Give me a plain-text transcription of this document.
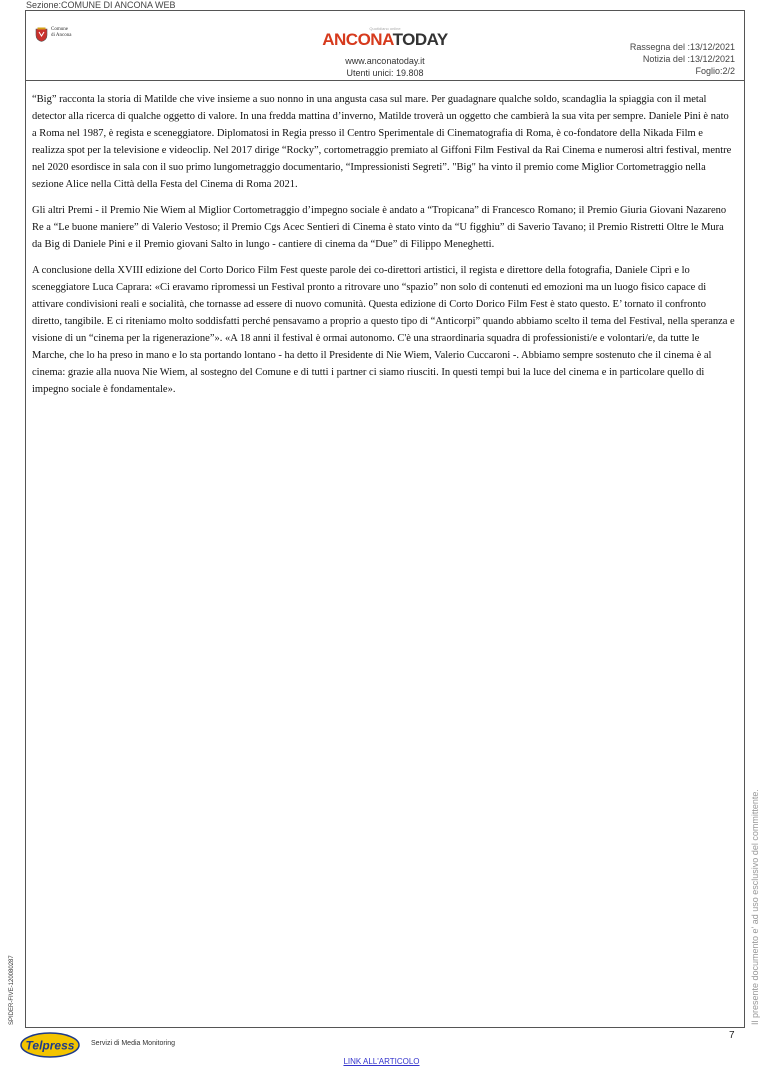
Sezione:COMUNE DI ANCONA WEB
Comune
di Ancona
Quotidiano online
ANCONATODAY
www.anconatoday.it
Utenti unici: 19.808
Rassegna del :13/12/2021
Notizia del :13/12/2021
Foglio:2/2

“Big” racconta la storia di Matilde che vive insieme a suo nonno in una angusta casa sul mare. Per guadagnare qualche soldo, scandaglia la spiaggia con il metal detector alla ricerca di qualche oggetto di valore. In una fredda mattina d’inverno, Matilde troverà un oggetto che cambierà la sua vita per sempre. Daniele Pini è nato a Roma nel 1987, è regista e sceneggiatore. Diplomatosi in Regia presso il Centro Sperimentale di Cinematografia di Roma, è co-fondatore della Nikada Film e realizza spot per la televisione e videoclip. Nel 2017 dirige “Rocky”, cortometraggio premiato al Giffoni Film Festival da Rai Cinema e numerosi altri festival, mentre nel 2020 esordisce in sala con il suo primo lungometraggio documentario, “Impressionisti Segreti”. "Big" ha vinto il premio come Miglior Cortometraggio nella sezione Alice nella Città della Festa del Cinema di Roma 2021.

Gli altri Premi - il Premio Nie Wiem al Miglior Cortometraggio d’impegno sociale è andato a “Tropicana” di Francesco Romano; il Premio Giuria Giovani Nazareno Re a “Le buone maniere” di Valerio Vestoso; il Premio Cgs Acec Sentieri di Cinema è stato vinto da “U figghiu” di Saverio Tavano; il Premio Ristretti Oltre le Mura da Big di Daniele Pini e il Premio giovani Salto in lungo - cantiere di cinema da “Due” di Filippo Meneghetti.

A conclusione della XVIII edizione del Corto Dorico Film Fest queste parole dei co-direttori artistici, il regista e direttore della fotografia, Daniele Ciprì e lo sceneggiatore Luca Caprara: «Ci eravamo ripromessi un Festival pronto a ritrovare uno “spazio” non solo di contenuti ed emozioni ma un luogo fisico capace di attivare condivisioni reali e socialità, che tornasse ad essere di nuovo comunità. Questa edizione di Corto Dorico Film Fest è stato questo. E’ tornato il confronto diretto, tangibile. E ci riteniamo molto soddisfatti perché pensavamo a proprio a questo tipo di “Anticorpi” quando abbiamo scelto il tema del Festival, nella speranza e visione di un “cinema per la rigenerazione”». «A 18 anni il festival è ormai autonomo. C'è una straordinaria squadra di professionisti/e e volontari/e, da tutte le Marche, che lo ha preso in mano e lo sta portando lontano - ha detto il Presidente di Nie Wiem, Valerio Cuccaroni -. Abbiamo sempre sostenuto che il cinema è al cinema: grazie alla nuova Nie Wiem, al sostegno del Comune e di tutti i partner ci siamo riusciti. In questi tempi bui la luce del cinema e in particolare quello di impegno sociale è fondamentale».

Il presente documento e' ad uso esclusivo del committente.
SPIDER-FIVE-120080287
7
Telpress Servizi di Media Monitoring
LINK ALL'ARTICOLO
